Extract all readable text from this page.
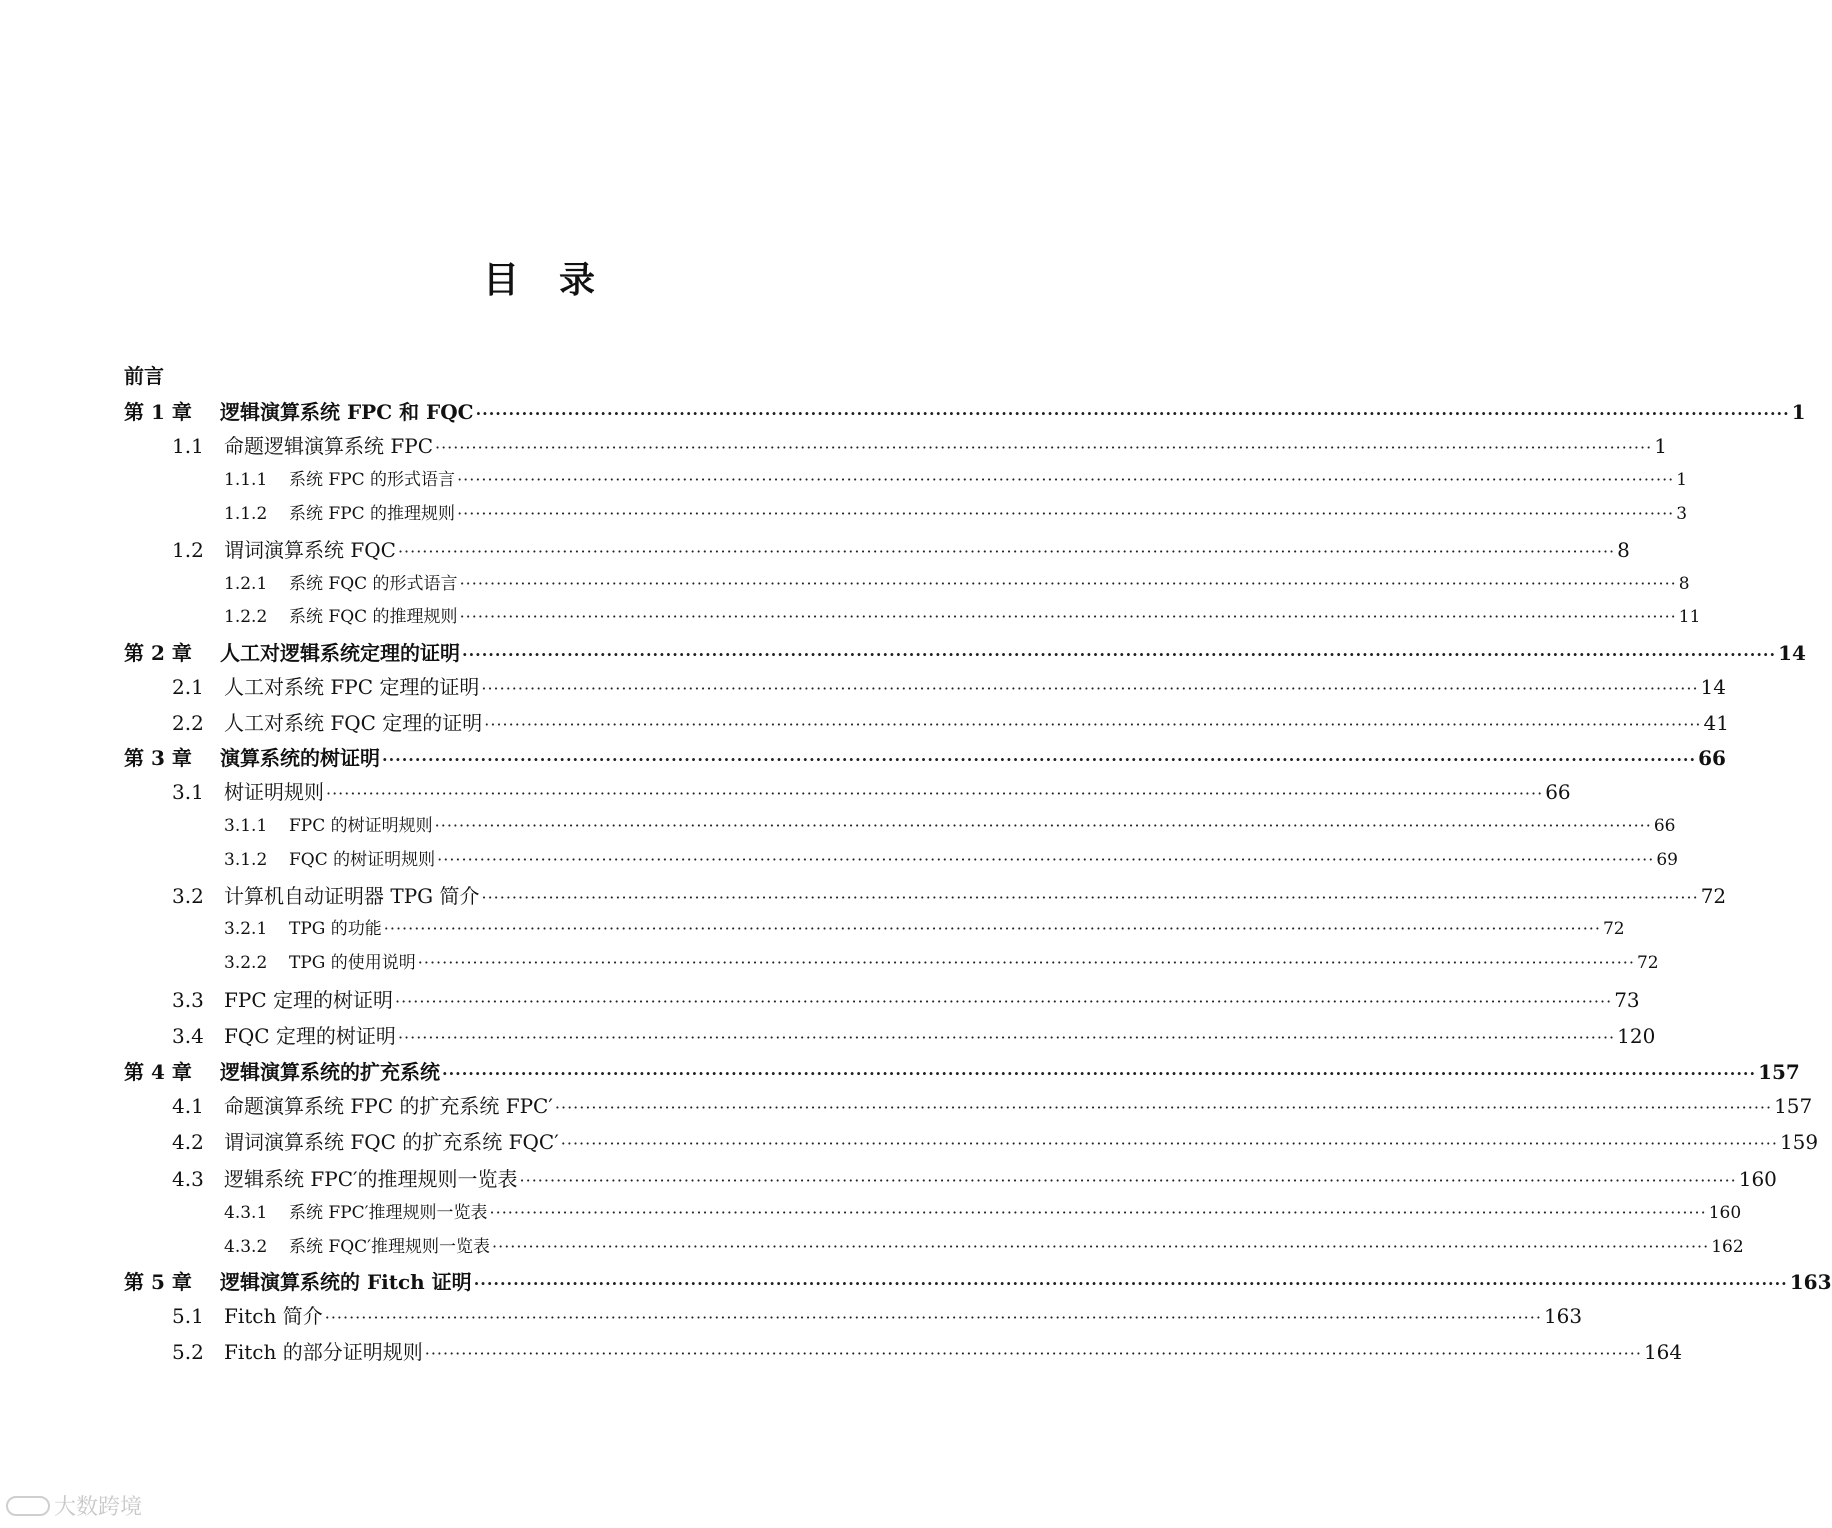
目　录
前言
第 1 章	逻辑演算系统 FPC 和 FQC ········································································································································································································ 1
1.1	命题逻辑演算系统 FPC ········································································································································································································ 1
1.1.1	系统 FPC 的形式语言 ········································································································································································································ 1
1.1.2	系统 FPC 的推理规则 ········································································································································································································ 3
1.2	谓词演算系统 FQC ········································································································································································································ 8
1.2.1	系统 FQC 的形式语言 ········································································································································································································ 8
1.2.2	系统 FQC 的推理规则 ········································································································································································································ 11
第 2 章	人工对逻辑系统定理的证明 ········································································································································································································ 14
2.1	人工对系统 FPC 定理的证明 ········································································································································································································ 14
2.2	人工对系统 FQC 定理的证明 ········································································································································································································ 41
第 3 章	演算系统的树证明 ········································································································································································································ 66
3.1	树证明规则 ········································································································································································································ 66
3.1.1	FPC 的树证明规则 ········································································································································································································ 66
3.1.2	FQC 的树证明规则 ········································································································································································································ 69
3.2	计算机自动证明器 TPG 简介 ········································································································································································································ 72
3.2.1	TPG 的功能 ········································································································································································································ 72
3.2.2	TPG 的使用说明 ········································································································································································································ 72
3.3	FPC 定理的树证明 ········································································································································································································ 73
3.4	FQC 定理的树证明 ········································································································································································································ 120
第 4 章	逻辑演算系统的扩充系统 ········································································································································································································ 157
4.1	命题演算系统 FPC 的扩充系统 FPC′ ········································································································································································································ 157
4.2	谓词演算系统 FQC 的扩充系统 FQC′ ········································································································································································································ 159
4.3	逻辑系统 FPC′的推理规则一览表 ········································································································································································································ 160
4.3.1	系统 FPC′推理规则一览表 ········································································································································································································ 160
4.3.2	系统 FQC′推理规则一览表 ········································································································································································································ 162
第 5 章	逻辑演算系统的 Fitch 证明 ········································································································································································································ 163
5.1	Fitch 简介 ········································································································································································································ 163
5.2	Fitch 的部分证明规则 ········································································································································································································ 164
大数跨境
